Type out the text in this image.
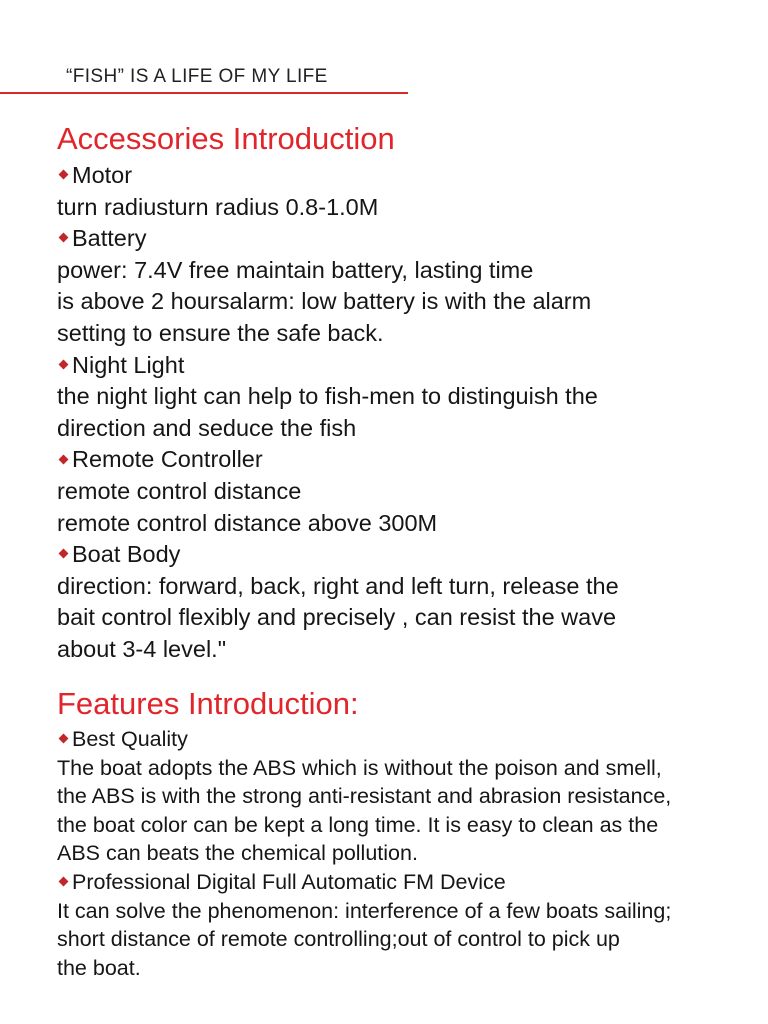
“FISH” IS A LIFE OF MY LIFE
Accessories Introduction
Motor
turn radiusturn radius 0.8-1.0M
Battery
power: 7.4V free maintain battery, lasting time
is above 2 hoursalarm: low battery is with the alarm
setting to ensure the safe back.
Night Light
the night light can help to fish-men to distinguish the
direction and seduce the fish
Remote Controller
remote control distance
remote control distance above 300M
Boat Body
direction: forward, back, right and left turn, release the
bait control flexibly and precisely , can resist the wave
about 3-4 level."
Features Introduction:
Best Quality
The boat adopts the ABS which is without the poison and smell,
the ABS is with the strong anti-resistant and abrasion resistance,
the boat color can be kept a long time. It is easy to clean as the
ABS can beats the chemical pollution.
Professional Digital Full Automatic FM Device
It can solve the phenomenon: interference of a few boats sailing;
short distance of remote controlling;out of control to pick up
the boat.
